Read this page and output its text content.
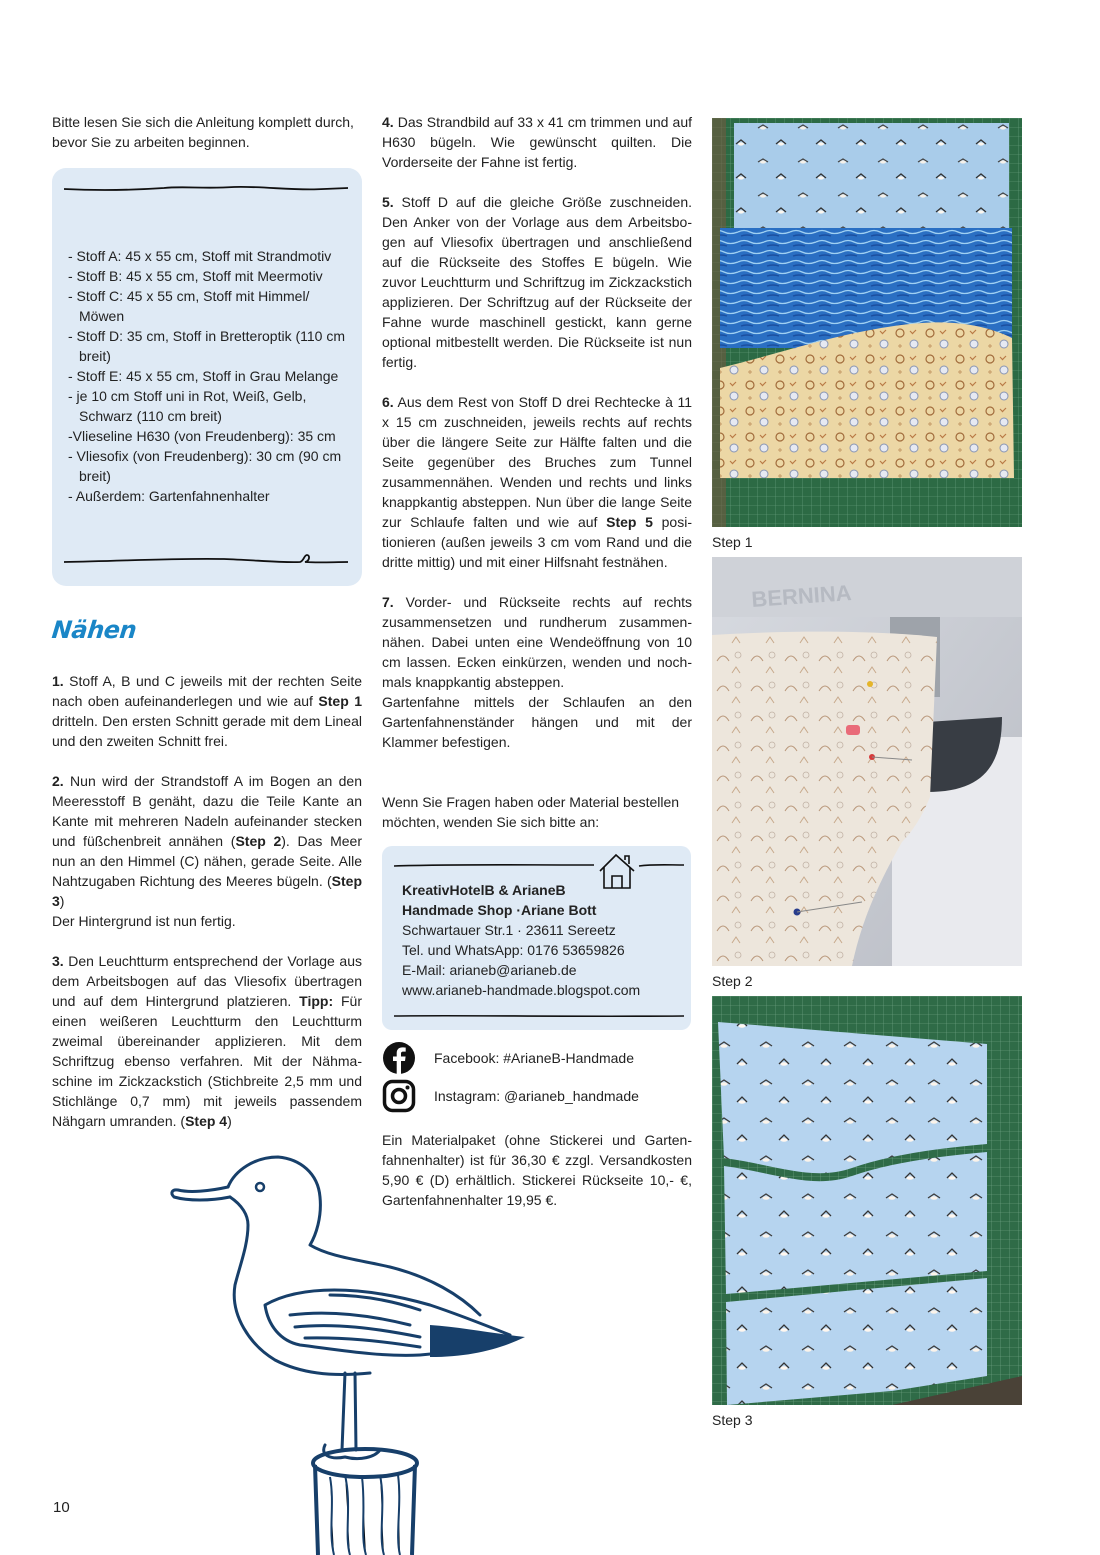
Bitte lesen Sie sich die Anleitung komplett durch, bevor Sie zu arbeiten beginnen.

- Stoff A: 45 x 55 cm, Stoff mit Strandmotiv
- Stoff B: 45 x 55 cm, Stoff mit Meermotiv
- Stoff C: 45 x 55 cm, Stoff mit Himmel/ Möwen
- Stoff D: 35 cm, Stoff in Bretteroptik (110 cm breit)
- Stoff E: 45 x 55 cm, Stoff in Grau Melange
- je 10 cm Stoff uni in Rot, Weiß, Gelb, Schwarz (110 cm breit)
-Vlieseline H630 (von Freudenberg): 35 cm
- Vliesofix (von Freudenberg): 30 cm (90 cm breit)
- Außerdem: Gartenfahnenhalter
Nähen

1. Stoff A, B und C jeweils mit der rechten Seite nach oben aufeinanderlegen und wie auf Step 1 dritteln. Den ersten Schnitt gerade mit dem Lineal und den zweiten Schnitt frei.

2. Nun wird der Strandstoff A im Bogen an den Meeresstoff B genäht, dazu die Teile Kante an Kante mit mehreren Nadeln aufeinander stecken und füßchenbreit annähen (Step 2). Das Meer nun an den Himmel (C) nähen, gerade Seite. Alle Nahtzugaben Richtung des Meeres bügeln. (Step 3)
Der Hintergrund ist nun fertig.

3. Den Leuchtturm entsprechend der Vorlage aus dem Arbeitsbogen auf das Vliesofix übertragen und auf dem Hintergrund platzieren. Tipp: Für einen weißeren Leuchtturm den Leuchtturm zweimal übereinander applizieren. Mit dem Schriftzug ebenso verfahren. Mit der Nähmaschine im Zickzackstich (Stichbreite 2,5 mm und Stichlänge 0,7 mm) mit jeweils passendem Nähgarn umranden. (Step 4)

4. Das Strandbild auf 33 x 41 cm trimmen und auf H630 bügeln. Wie gewünscht quilten. Die Vorderseite der Fahne ist fertig.

5. Stoff D auf die gleiche Größe zuschneiden. Den Anker von der Vorlage aus dem Arbeitsbogen auf Vliesofix übertragen und anschließend auf die Rückseite des Stoffes E bügeln. Wie zuvor Leuchtturm und Schriftzug im Zickzackstich applizieren. Der Schriftzug auf der Rückseite der Fahne wurde maschinell gestickt, kann gerne optional mitbestellt werden. Die Rückseite ist nun fertig.

6. Aus dem Rest von Stoff D drei Rechtecke à 11 x 15 cm zuschneiden, jeweils rechts auf rechts über die längere Seite zur Hälfte falten und die Seite gegenüber des Bruches zum Tunnel zusammennähen. Wenden und rechts und links knappkantig absteppen. Nun über die lange Seite zur Schlaufe falten und wie auf Step 5 positionieren (außen jeweils 3 cm vom Rand und die dritte mittig) und mit einer Hilfsnaht festnähen.

7. Vorder- und Rückseite rechts auf rechts zusammensetzen und rundherum zusammennähen. Dabei unten eine Wendeöffnung von 10 cm lassen. Ecken einkürzen, wenden und nochmals knappkantig absteppen.
Gartenfahne mittels der Schlaufen an den Gartenfahnenständer hängen und mit der Klammer befestigen.

Wenn Sie Fragen haben oder Material bestellen möchten, wenden Sie sich bitte an:

KreativHotelB & ArianeB
Handmade Shop ·Ariane Bott
Schwartauer Str.1 · 23611 Sereetz
Tel. und WhatsApp: 0176 53659826
E-Mail: arianeb@arianeb.de
www.arianeb-handmade.blogspot.com
Facebook: #ArianeB-Handmade
Instagram: @arianeb_handmade

Ein Materialpaket (ohne Stickerei und Garten-fahnenhalter) ist für 36,30 € zzgl. Versandkosten 5,90 € (D) erhältlich. Stickerei Rückseite 10,- €, Gartenfahnenhalter 19,95 €.

Step 1
BERNINA
Step 2
Step 3
10
